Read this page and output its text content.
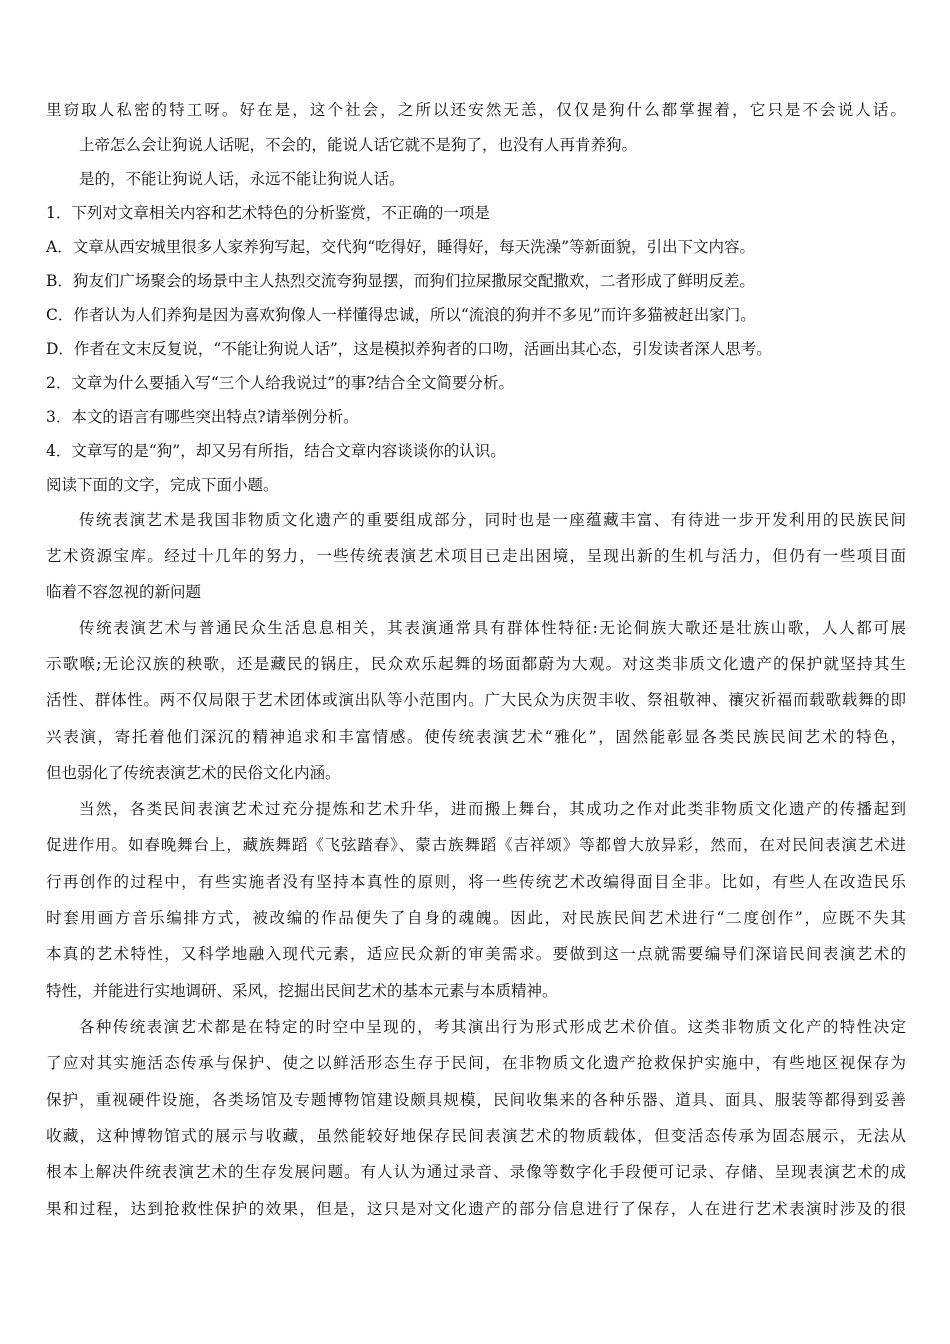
里窃取人私密的特工呀。好在是，这个社会，之所以还安然无恙，仅仅是狗什么都掌握着，它只是不会说人话。

上帝怎么会让狗说人话呢，不会的，能说人话它就不是狗了，也没有人再肯养狗。

是的，不能让狗说人话，永远不能让狗说人话。

1．下列对文章相关内容和艺术特色的分析鉴赏，不正确的一项是

A．文章从西安城里很多人家养狗写起，交代狗“吃得好，睡得好，每天洗澡”等新面貌，引出下文内容。

B．狗友们广场聚会的场景中主人热烈交流夸狗显摆，而狗们拉屎撒尿交配撒欢，二者形成了鲜明反差。

C．作者认为人们养狗是因为喜欢狗像人一样懂得忠诚，所以“流浪的狗并不多见”而许多猫被赶出家门。

D．作者在文末反复说，“不能让狗说人话”，这是模拟养狗者的口吻，活画出其心态，引发读者深人思考。

2．文章为什么要插入写“三个人给我说过”的事?结合全文简要分析。

3．本文的语言有哪些突出特点?请举例分析。

4．文章写的是“狗”，却又另有所指，结合文章内容谈谈你的认识。

阅读下面的文字，完成下面小题。

传统表演艺术是我国非物质文化遗产的重要组成部分，同时也是一座蕴藏丰富、有待进一步开发利用的民族民间

艺术资源宝库。经过十几年的努力，一些传统表演艺术项目已走出困境，呈现出新的生机与活力，但仍有一些项目面

临着不容忽视的新问题

传统表演艺术与普通民众生活息息相关，其表演通常具有群体性特征:无论侗族大歌还是壮族山歌，人人都可展

示歌喉;无论汉族的秧歌，还是藏民的锅庄，民众欢乐起舞的场面都蔚为大观。对这类非质文化遗产的保护就坚持其生

活性、群体性。两不仅局限于艺术团体或演出队等小范围内。广大民众为庆贺丰收、祭祖敬神、禳灾祈福而载歌载舞的即

兴表演，寄托着他们深沉的精神追求和丰富情感。使传统表演艺术“雅化”，固然能彰显各类民族民间艺术的特色，

但也弱化了传统表演艺术的民俗文化内涵。

当然，各类民间表演艺术过充分提炼和艺术升华，进而搬上舞台，其成功之作对此类非物质文化遗产的传播起到

促进作用。如春晚舞台上，藏族舞蹈《飞弦踏春》、蒙古族舞蹈《吉祥颂》等都曾大放异彩，然而，在对民间表演艺术进

行再创作的过程中，有些实施者没有坚持本真性的原则，将一些传统艺术改编得面目全非。比如，有些人在改造民乐

时套用画方音乐编排方式，被改编的作品便失了自身的魂魄。因此，对民族民间艺术进行“二度创作”，应既不失其

本真的艺术特性，又科学地融入现代元素，适应民众新的审美需求。要做到这一点就需要编导们深谙民间表演艺术的

特性，并能进行实地调研、采风，挖掘出民间艺术的基本元素与本质精神。

各种传统表演艺术都是在特定的时空中呈现的，考其演出行为形式形成艺术价值。这类非物质文化产的特性决定

了应对其实施活态传承与保护、使之以鲜活形态生存于民间，在非物质文化遗产抢救保护实施中，有些地区视保存为

保护，重视硬件设施，各类场馆及专题博物馆建设颇具规模，民间收集来的各种乐器、道具、面具、服装等都得到妥善

收藏，这种博物馆式的展示与收藏，虽然能较好地保存民间表演艺术的物质载体，但变活态传承为固态展示，无法从

根本上解决件统表演艺术的生存发展问题。有人认为通过录音、录像等数字化手段便可记录、存储、呈现表演艺术的成

果和过程，达到抢救性保护的效果，但是，这只是对文化遗产的部分信息进行了保存，人在进行艺术表演时涉及的很
